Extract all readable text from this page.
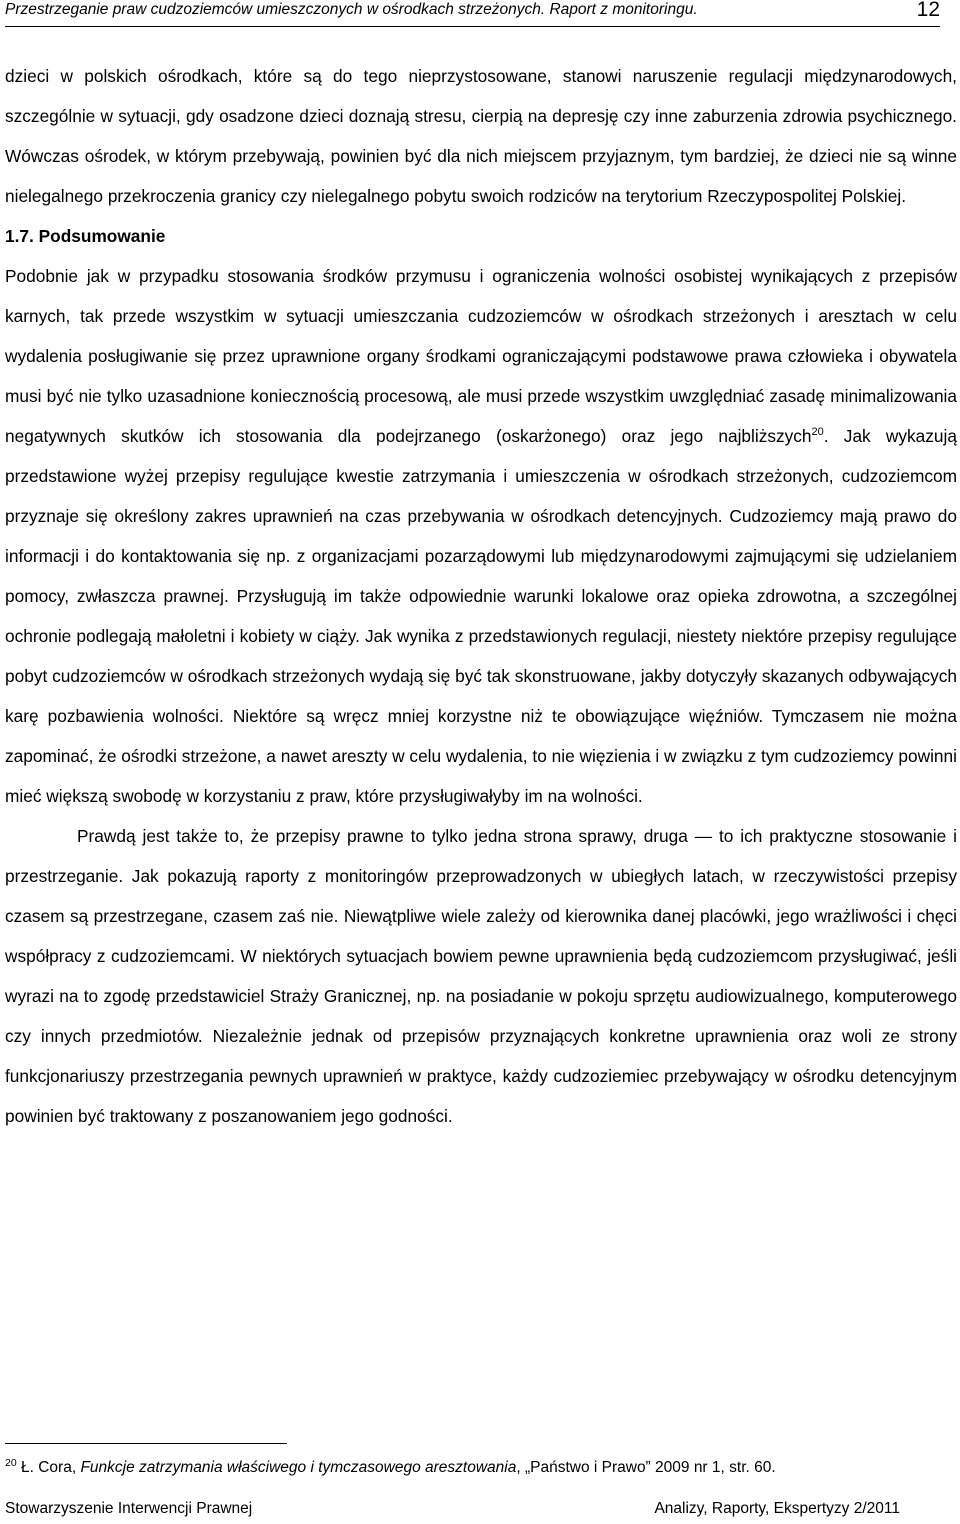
Przestrzeganie praw cudzoziemców umieszczonych w ośrodkach strzeżonych. Raport z monitoringu.	12

dzieci w polskich ośrodkach, które są do tego nieprzystosowane, stanowi naruszenie regulacji międzynarodowych, szczególnie w sytuacji, gdy osadzone dzieci doznają stresu, cierpią na depresję czy inne zaburzenia zdrowia psychicznego. Wówczas ośrodek, w którym przebywają, powinien być dla nich miejscem przyjaznym, tym bardziej, że dzieci nie są winne nielegalnego przekroczenia granicy czy nielegalnego pobytu swoich rodziców na terytorium Rzeczypospolitej Polskiej.

1.7. Podsumowanie

Podobnie jak w przypadku stosowania środków przymusu i ograniczenia wolności osobistej wynikających z przepisów karnych, tak przede wszystkim w sytuacji umieszczania cudzoziemców w ośrodkach strzeżonych i aresztach w celu wydalenia posługiwanie się przez uprawnione organy środkami ograniczającymi podstawowe prawa człowieka i obywatela musi być nie tylko uzasadnione koniecznością procesową, ale musi przede wszystkim uwzględniać zasadę minimalizowania negatywnych skutków ich stosowania dla podejrzanego (oskarżonego) oraz jego najbliższych$^{20}$. Jak wykazują przedstawione wyżej przepisy regulujące kwestie zatrzymania i umieszczenia w ośrodkach strzeżonych, cudzoziemcom przyznaje się określony zakres uprawnień na czas przebywania w ośrodkach detencyjnych. Cudzoziemcy mają prawo do informacji i do kontaktowania się np. z organizacjami pozarządowymi lub międzynarodowymi zajmującymi się udzielaniem pomocy, zwłaszcza prawnej. Przysługują im także odpowiednie warunki lokalowe oraz opieka zdrowotna, a szczególnej ochronie podlegają małoletni i kobiety w ciąży. Jak wynika z przedstawionych regulacji, niestety niektóre przepisy regulujące pobyt cudzoziemców w ośrodkach strzeżonych wydają się być tak skonstruowane, jakby dotyczyły skazanych odbywających karę pozbawienia wolności. Niektóre są wręcz mniej korzystne niż te obowiązujące więźniów. Tymczasem nie można zapominać, że ośrodki strzeżone, a nawet areszty w celu wydalenia, to nie więzienia i w związku z tym cudzoziemcy powinni mieć większą swobodę w korzystaniu z praw, które przysługiwałyby im na wolności.

Prawdą jest także to, że przepisy prawne to tylko jedna strona sprawy, druga — to ich praktyczne stosowanie i przestrzeganie. Jak pokazują raporty z monitoringów przeprowadzonych w ubiegłych latach, w rzeczywistości przepisy czasem są przestrzegane, czasem zaś nie. Niewątpliwe wiele zależy od kierownika danej placówki, jego wrażliwości i chęci współpracy z cudzoziemcami. W niektórych sytuacjach bowiem pewne uprawnienia będą cudzoziemcom przysługiwać, jeśli wyrazi na to zgodę przedstawiciel Straży Granicznej, np. na posiadanie w pokoju sprzętu audiowizualnego, komputerowego czy innych przedmiotów. Niezależnie jednak od przepisów przyznających konkretne uprawnienia oraz woli ze strony funkcjonariuszy przestrzegania pewnych uprawnień w praktyce, każdy cudzoziemiec przebywający w ośrodku detencyjnym powinien być traktowany z poszanowaniem jego godności.

$^{20}$ Ł. Cora, Funkcje zatrzymania właściwego i tymczasowego aresztowania, „Państwo i Prawo” 2009 nr 1, str. 60.
Stowarzyszenie Interwencji Prawnej	Analizy, Raporty, Ekspertyzy 2/2011
